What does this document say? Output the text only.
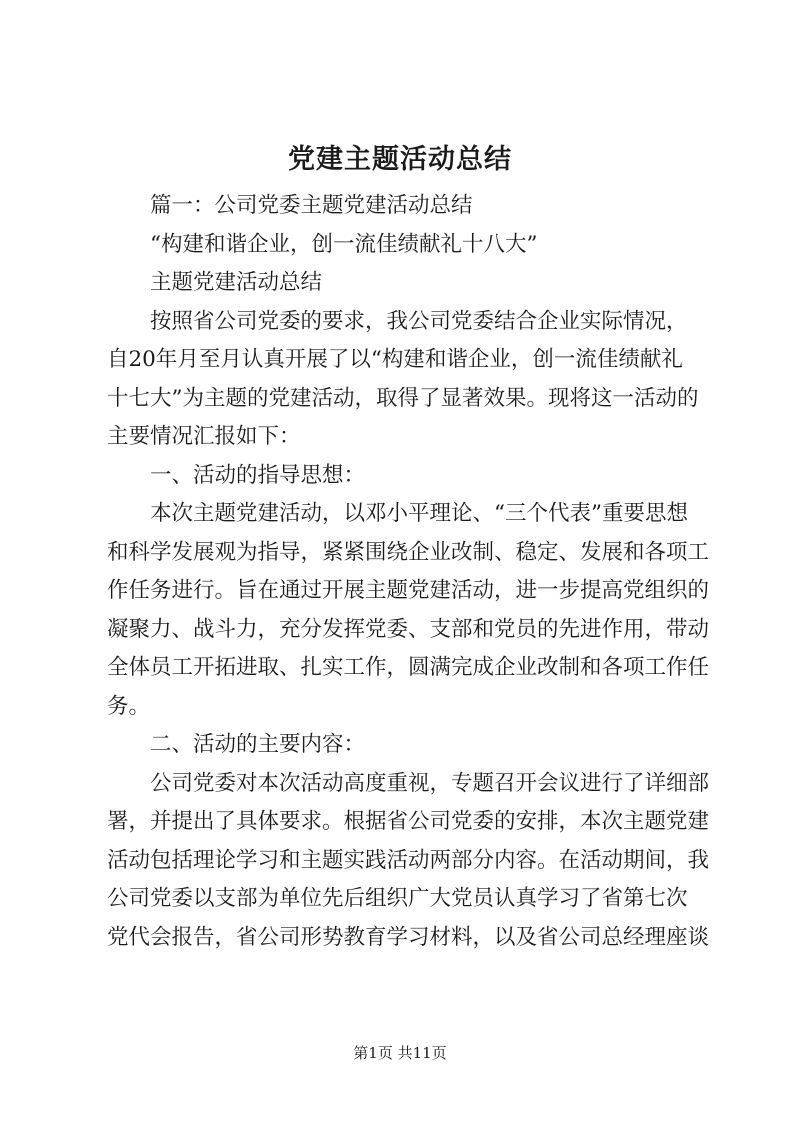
党建主题活动总结
篇一：公司党委主题党建活动总结
“构建和谐企业，创一流佳绩献礼十八大”
主题党建活动总结
按照省公司党委的要求，我公司党委结合企业实际情况，
自20年月至月认真开展了以“构建和谐企业，创一流佳绩献礼
十七大”为主题的党建活动，取得了显著效果。现将这一活动的
主要情况汇报如下：
一、活动的指导思想：
本次主题党建活动，以邓小平理论、“三个代表”重要思想
和科学发展观为指导，紧紧围绕企业改制、稳定、发展和各项工
作任务进行。旨在通过开展主题党建活动，进一步提高党组织的
凝聚力、战斗力，充分发挥党委、支部和党员的先进作用，带动
全体员工开拓进取、扎实工作，圆满完成企业改制和各项工作任
务。
二、活动的主要内容：
公司党委对本次活动高度重视，专题召开会议进行了详细部
署，并提出了具体要求。根据省公司党委的安排，本次主题党建
活动包括理论学习和主题实践活动两部分内容。在活动期间，我
公司党委以支部为单位先后组织广大党员认真学习了省第七次
党代会报告，省公司形势教育学习材料，以及省公司总经理座谈
第1页 共11页
